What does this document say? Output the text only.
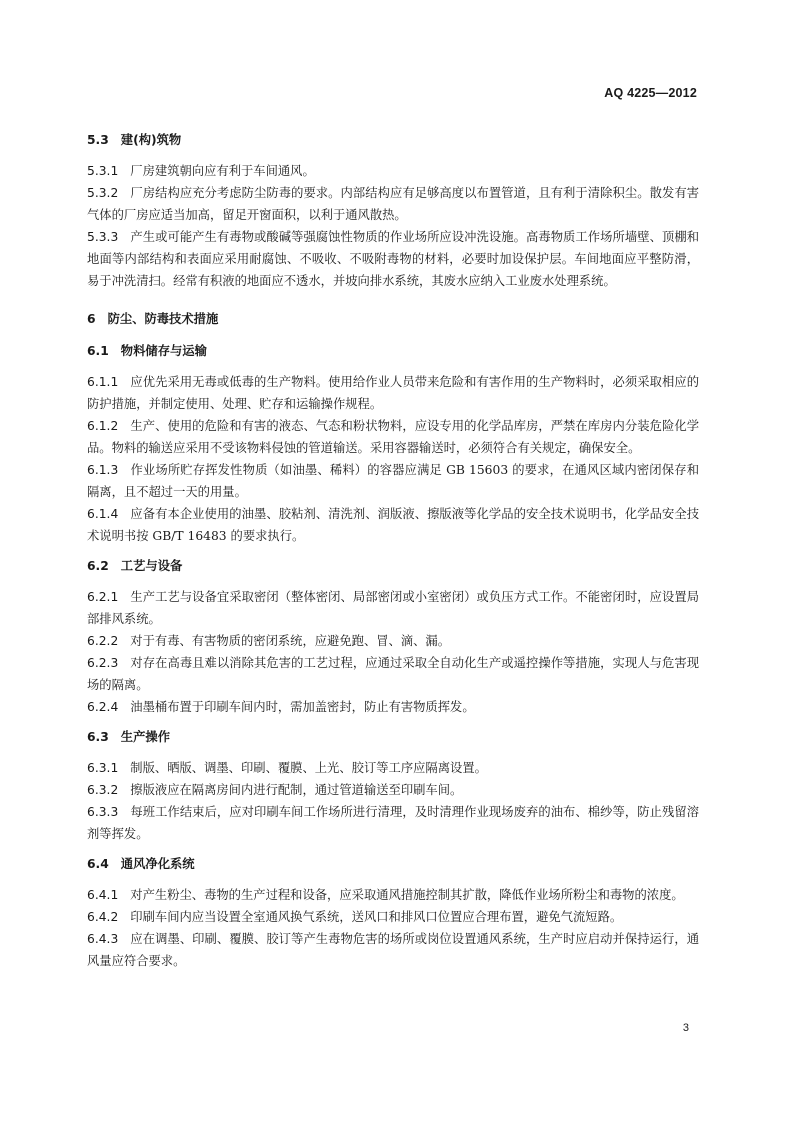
AQ 4225—2012
5.3 建(构)筑物

5.3.1 厂房建筑朝向应有利于车间通风。

5.3.2 厂房结构应充分考虑防尘防毒的要求。内部结构应有足够高度以布置管道，且有利于清除积尘。散发有害气体的厂房应适当加高，留足开窗面积，以利于通风散热。

5.3.3 产生或可能产生有毒物或酸碱等强腐蚀性物质的作业场所应设冲洗设施。高毒物质工作场所墙壁、顶棚和地面等内部结构和表面应采用耐腐蚀、不吸收、不吸附毒物的材料，必要时加设保护层。车间地面应平整防滑，易于冲洗清扫。经常有积液的地面应不透水，并坡向排水系统，其废水应纳入工业废水处理系统。

6 防尘、防毒技术措施
6.1 物料储存与运输

6.1.1 应优先采用无毒或低毒的生产物料。使用给作业人员带来危险和有害作用的生产物料时，必须采取相应的防护措施，并制定使用、处理、贮存和运输操作规程。

6.1.2 生产、使用的危险和有害的液态、气态和粉状物料，应设专用的化学品库房，严禁在库房内分装危险化学品。物料的输送应采用不受该物料侵蚀的管道输送。采用容器输送时，必须符合有关规定，确保安全。

6.1.3 作业场所贮存挥发性物质（如油墨、稀料）的容器应满足 GB 15603 的要求，在通风区域内密闭保存和隔离，且不超过一天的用量。

6.1.4 应备有本企业使用的油墨、胶粘剂、清洗剂、润版液、擦版液等化学品的安全技术说明书，化学品安全技术说明书按 GB/T 16483 的要求执行。

6.2 工艺与设备

6.2.1 生产工艺与设备宜采取密闭（整体密闭、局部密闭或小室密闭）或负压方式工作。不能密闭时，应设置局部排风系统。

6.2.2 对于有毒、有害物质的密闭系统，应避免跑、冒、滴、漏。

6.2.3 对存在高毒且难以消除其危害的工艺过程，应通过采取全自动化生产或遥控操作等措施，实现人与危害现场的隔离。

6.2.4 油墨桶布置于印刷车间内时，需加盖密封，防止有害物质挥发。

6.3 生产操作

6.3.1 制版、晒版、调墨、印刷、覆膜、上光、胶订等工序应隔离设置。

6.3.2 擦版液应在隔离房间内进行配制，通过管道输送至印刷车间。

6.3.3 每班工作结束后，应对印刷车间工作场所进行清理，及时清理作业现场废弃的油布、棉纱等，防止残留溶剂等挥发。

6.4 通风净化系统

6.4.1 对产生粉尘、毒物的生产过程和设备，应采取通风措施控制其扩散，降低作业场所粉尘和毒物的浓度。

6.4.2 印刷车间内应当设置全室通风换气系统，送风口和排风口位置应合理布置，避免气流短路。

6.4.3 应在调墨、印刷、覆膜、胶订等产生毒物危害的场所或岗位设置通风系统，生产时应启动并保持运行，通风量应符合要求。

3
